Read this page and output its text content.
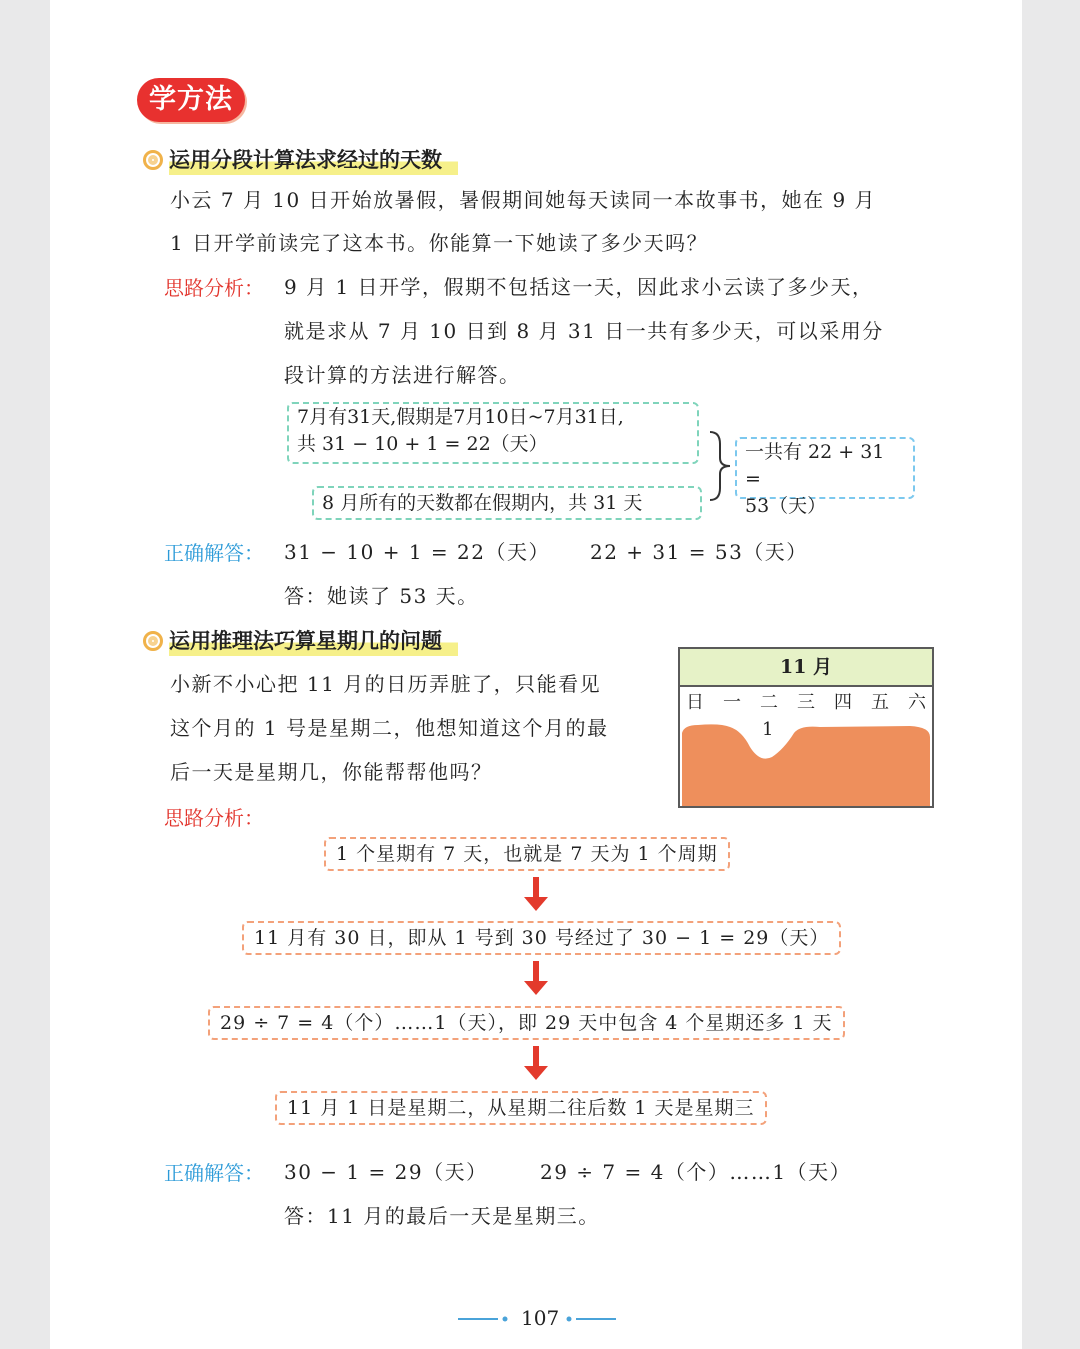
学方法
运用分段计算法求经过的天数
小云 7 月 10 日开始放暑假，暑假期间她每天读同一本故事书，她在 9 月
1 日开学前读完了这本书。你能算一下她读了多少天吗？
思路分析： 9 月 1 日开学，假期不包括这一天，因此求小云读了多少天，
就是求从 7 月 10 日到 8 月 31 日一共有多少天，可以采用分
段计算的方法进行解答。
7月有31天,假期是7月10日~7月31日,
共 31 − 10 + 1 = 22（天）
8 月所有的天数都在假期内，共 31 天
一共有 22 + 31 =
53（天）
正确解答： 31 − 10 + 1 = 22（天） 22 + 31 = 53（天）
答：她读了 53 天。
运用推理法巧算星期几的问题
小新不小心把 11 月的日历弄脏了，只能看见
这个月的 1 号是星期二，他想知道这个月的最
后一天是星期几，你能帮帮他吗？
11 月
日 一 二 三 四 五 六
1
思路分析：
1 个星期有 7 天，也就是 7 天为 1 个周期
11 月有 30 日，即从 1 号到 30 号经过了 30 − 1 = 29（天）
29 ÷ 7 = 4（个）……1（天），即 29 天中包含 4 个星期还多 1 天
11 月 1 日是星期二，从星期二往后数 1 天是星期三
正确解答： 30 − 1 = 29（天）	29 ÷ 7 = 4（个）……1（天）
答：11 月的最后一天是星期三。
107
